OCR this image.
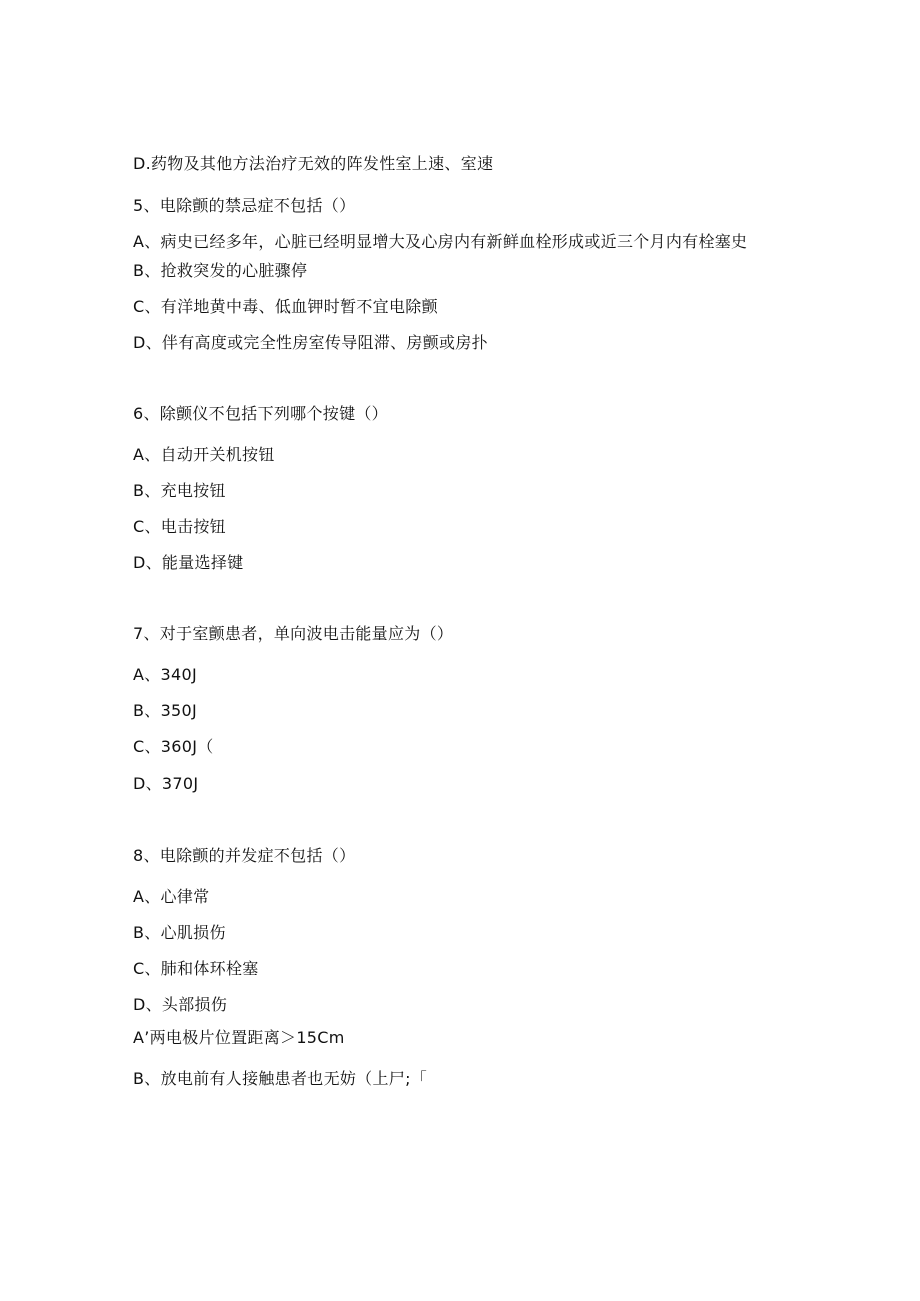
D.药物及其他方法治疗无效的阵发性室上速、室速
5、电除颤的禁忌症不包括（）
A、病史已经多年，心脏已经明显增大及心房内有新鲜血栓形成或近三个月内有栓塞史
B、抢救突发的心脏骤停
C、有洋地黄中毒、低血钾时暂不宜电除颤
D、伴有高度或完全性房室传导阻滞、房颤或房扑
6、除颤仪不包括下列哪个按键（）
A、自动开关机按钮
B、充电按钮
C、电击按钮
D、能量选择键
7、对于室颤患者，单向波电击能量应为（）
A、340J
B、350J
C、360J（
D、370J
8、电除颤的并发症不包括（）
A、心律常
B、心肌损伤
C、肺和体环栓塞
D、头部损伤
A’两电极片位置距离＞15Cm
B、放电前有人接触患者也无妨（上尸;「
